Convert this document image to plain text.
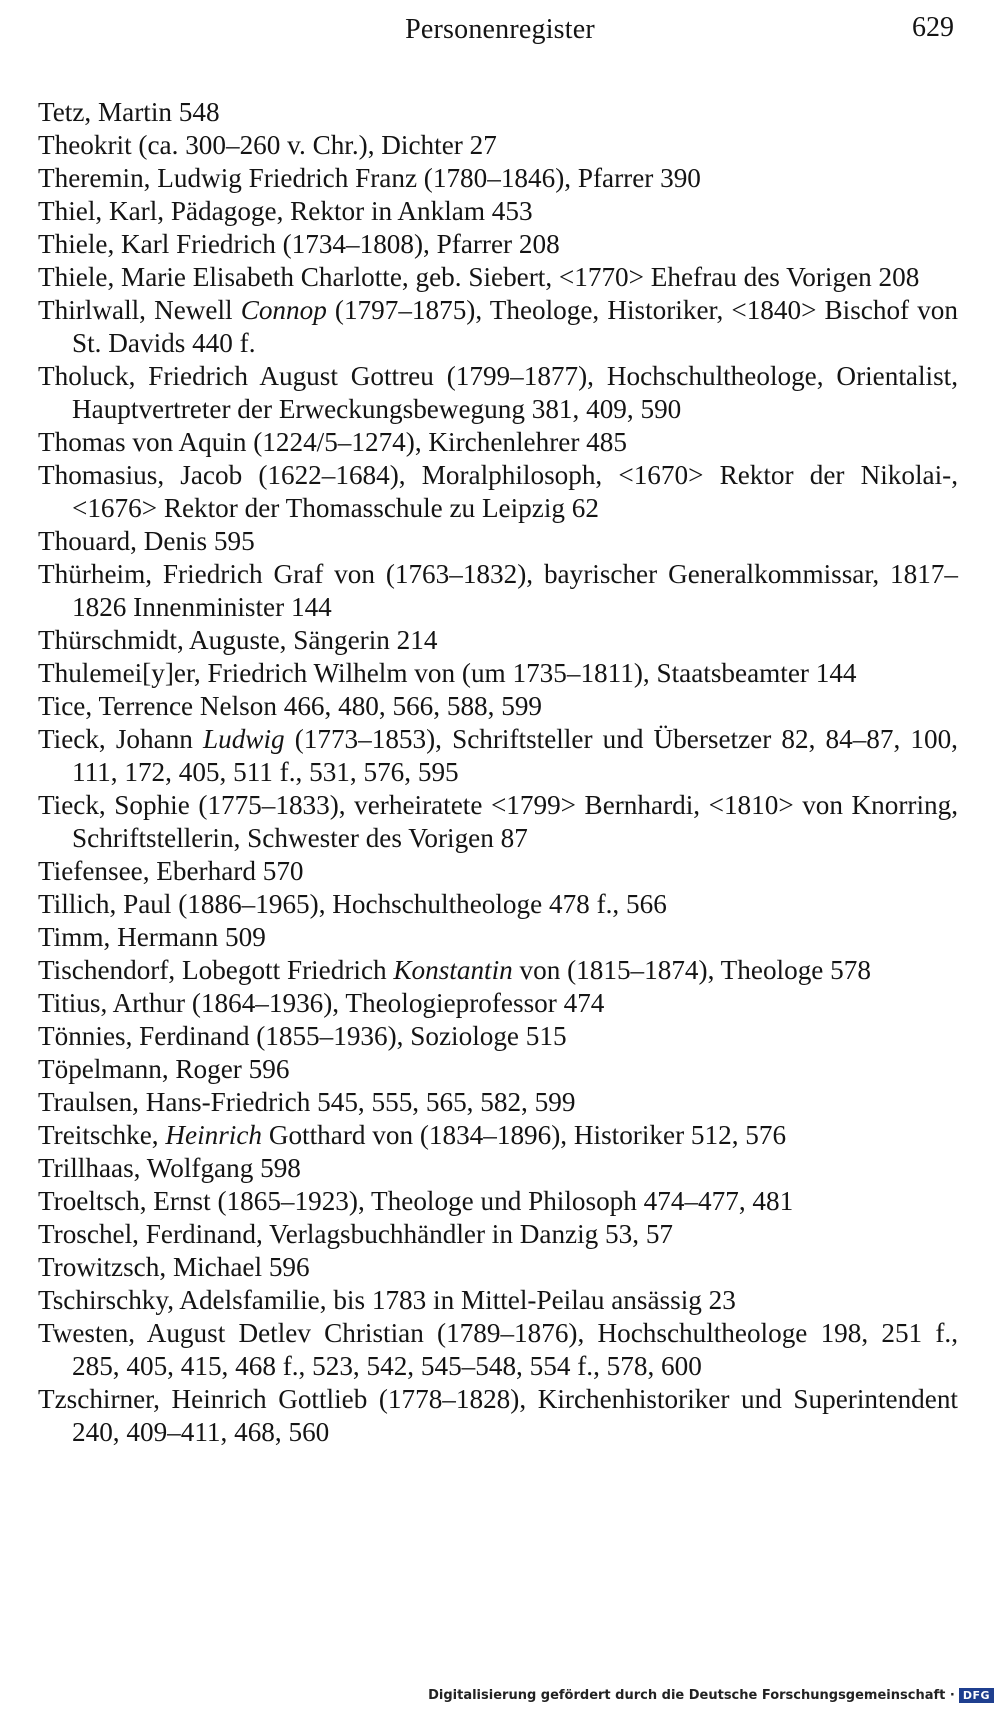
Personenregister	629
Tetz, Martin 548
Theokrit (ca. 300–260 v. Chr.), Dichter 27
Theremin, Ludwig Friedrich Franz (1780–1846), Pfarrer 390
Thiel, Karl, Pädagoge, Rektor in Anklam 453
Thiele, Karl Friedrich (1734–1808), Pfarrer 208
Thiele, Marie Elisabeth Charlotte, geb. Siebert, <1770> Ehefrau des Vorigen 208
Thirlwall, Newell Connop (1797–1875), Theologe, Historiker, <1840> Bischof von St. Davids 440 f.
Tholuck, Friedrich August Gottreu (1799–1877), Hochschultheologe, Orientalist, Hauptvertreter der Erweckungsbewegung 381, 409, 590
Thomas von Aquin (1224/5–1274), Kirchenlehrer 485
Thomasius, Jacob (1622–1684), Moralphilosoph, <1670> Rektor der Nikolai-, <1676> Rektor der Thomasschule zu Leipzig 62
Thouard, Denis 595
Thürheim, Friedrich Graf von (1763–1832), bayrischer Generalkommissar, 1817–1826 Innenminister 144
Thürschmidt, Auguste, Sängerin 214
Thulemei[y]er, Friedrich Wilhelm von (um 1735–1811), Staatsbeamter 144
Tice, Terrence Nelson 466, 480, 566, 588, 599
Tieck, Johann Ludwig (1773–1853), Schriftsteller und Übersetzer 82, 84–87, 100, 111, 172, 405, 511 f., 531, 576, 595
Tieck, Sophie (1775–1833), verheiratete <1799> Bernhardi, <1810> von Knorring, Schriftstellerin, Schwester des Vorigen 87
Tiefensee, Eberhard 570
Tillich, Paul (1886–1965), Hochschultheologe 478 f., 566
Timm, Hermann 509
Tischendorf, Lobegott Friedrich Konstantin von (1815–1874), Theologe 578
Titius, Arthur (1864–1936), Theologieprofessor 474
Tönnies, Ferdinand (1855–1936), Soziologe 515
Töpelmann, Roger 596
Traulsen, Hans-Friedrich 545, 555, 565, 582, 599
Treitschke, Heinrich Gotthard von (1834–1896), Historiker 512, 576
Trillhaas, Wolfgang 598
Troeltsch, Ernst (1865–1923), Theologe und Philosoph 474–477, 481
Troschel, Ferdinand, Verlagsbuchhändler in Danzig 53, 57
Trowitzsch, Michael 596
Tschirschky, Adelsfamilie, bis 1783 in Mittel-Peilau ansässig 23
Twesten, August Detlev Christian (1789–1876), Hochschultheologe 198, 251 f., 285, 405, 415, 468 f., 523, 542, 545–548, 554 f., 578, 600
Tzschirner, Heinrich Gottlieb (1778–1828), Kirchenhistoriker und Superintendent 240, 409–411, 468, 560
Digitalisierung gefördert durch die Deutsche Forschungsgemeinschaft · DFG
